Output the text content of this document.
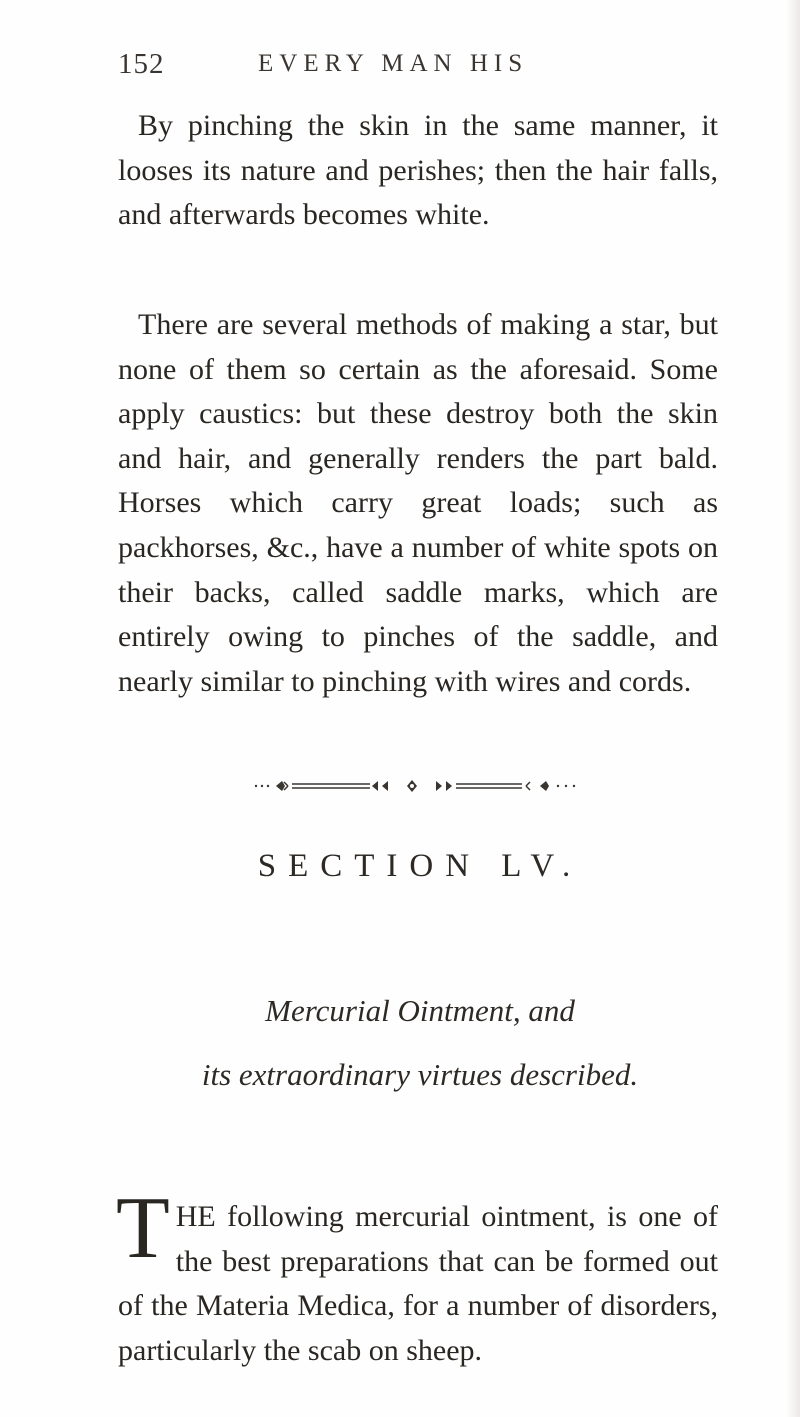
152	EVERY MAN HIS

By pinching the skin in the same manner, it looses its nature and perishes; then the hair falls, and afterwards becomes white.

There are several methods of making a star, but none of them so certain as the aforesaid. Some apply caustics: but these destroy both the skin and hair, and generally renders the part bald. Horses which carry great loads; such as packhorses, &c., have a number of white spots on their backs, called saddle marks, which are entirely owing to pinches of the saddle, and nearly similar to pinching with wires and cords.

SECTION LV.
Mercurial Ointment, and
its extraordinary virtues described.

THE following mercurial ointment, is one of the best preparations that can be formed out of the Materia Medica, for a number of disorders, particularly the scab on sheep.
